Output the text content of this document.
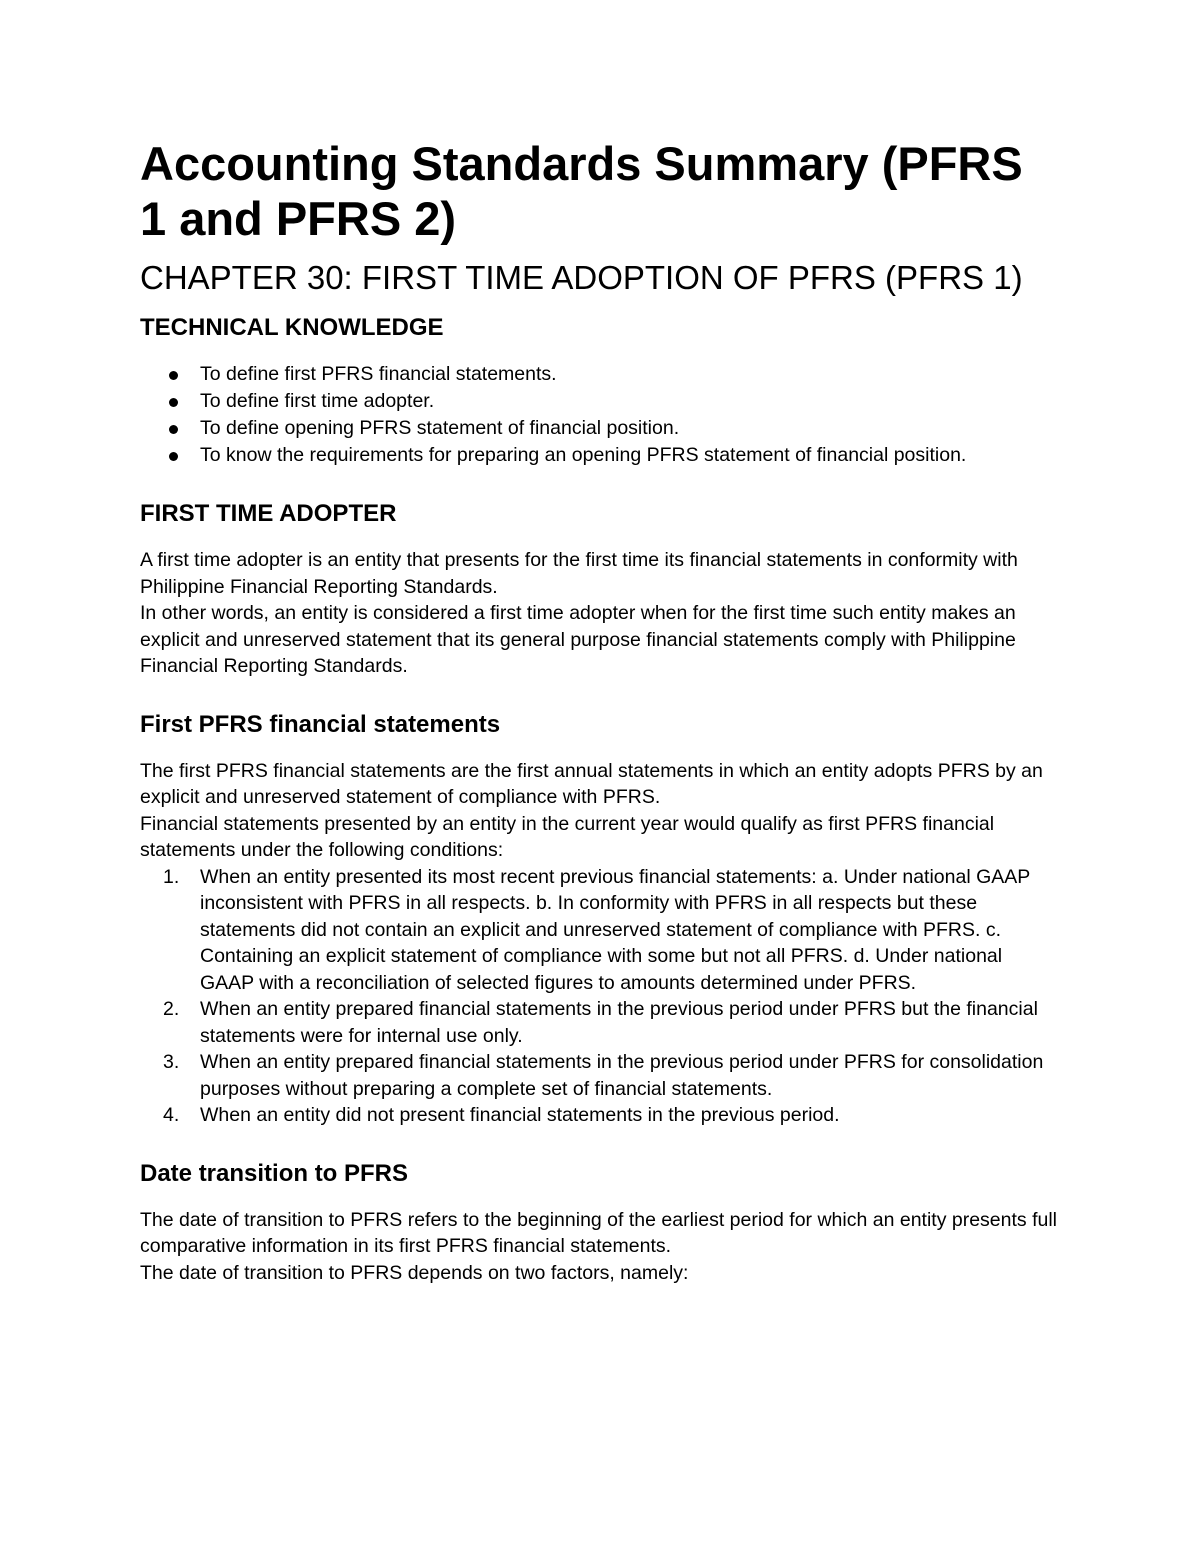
Accounting Standards Summary (PFRS 1 and PFRS 2)
CHAPTER 30: FIRST TIME ADOPTION OF PFRS (PFRS 1)
TECHNICAL KNOWLEDGE
To define first PFRS financial statements.
To define first time adopter.
To define opening PFRS statement of financial position.
To know the requirements for preparing an opening PFRS statement of financial position.
FIRST TIME ADOPTER

A first time adopter is an entity that presents for the first time its financial statements in conformity with Philippine Financial Reporting Standards.

In other words, an entity is considered a first time adopter when for the first time such entity makes an explicit and unreserved statement that its general purpose financial statements comply with Philippine Financial Reporting Standards.

First PFRS financial statements

The first PFRS financial statements are the first annual statements in which an entity adopts PFRS by an explicit and unreserved statement of compliance with PFRS.

Financial statements presented by an entity in the current year would qualify as first PFRS financial statements under the following conditions:

1. When an entity presented its most recent previous financial statements: a. Under national GAAP inconsistent with PFRS in all respects. b. In conformity with PFRS in all respects but these statements did not contain an explicit and unreserved statement of compliance with PFRS. c. Containing an explicit statement of compliance with some but not all PFRS. d. Under national GAAP with a reconciliation of selected figures to amounts determined under PFRS.
2. When an entity prepared financial statements in the previous period under PFRS but the financial statements were for internal use only.
3. When an entity prepared financial statements in the previous period under PFRS for consolidation purposes without preparing a complete set of financial statements.
4. When an entity did not present financial statements in the previous period.
Date transition to PFRS

The date of transition to PFRS refers to the beginning of the earliest period for which an entity presents full comparative information in its first PFRS financial statements.

The date of transition to PFRS depends on two factors, namely:
